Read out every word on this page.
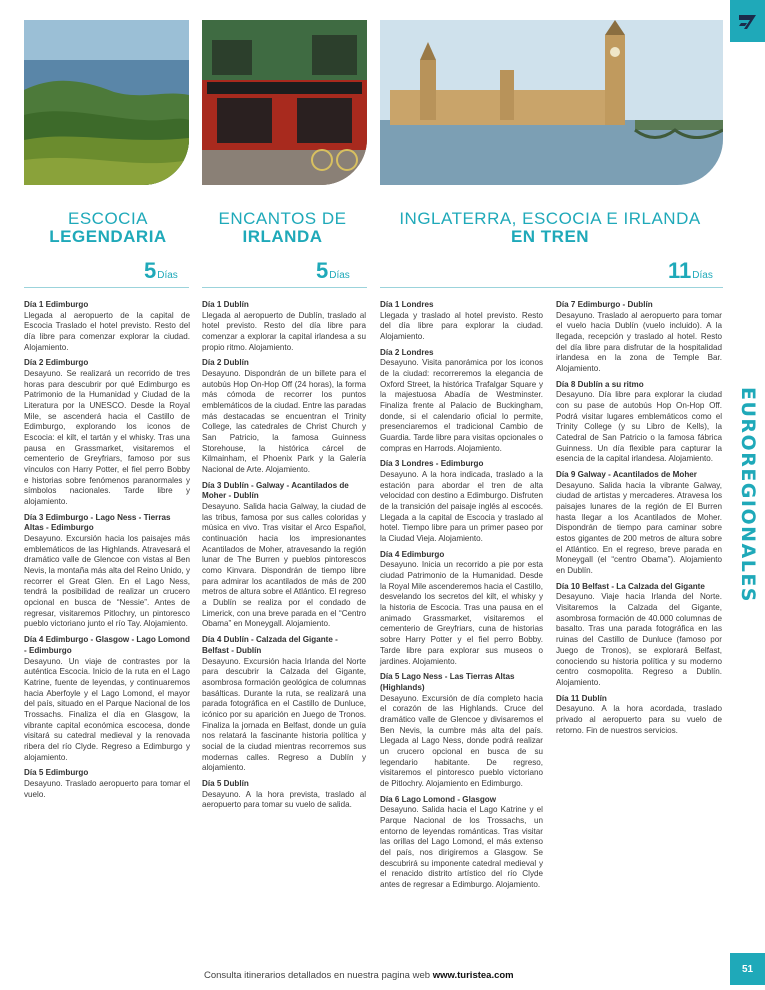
ESCOCIA
LEGENDARIA
ENCANTOS DE
IRLANDA
INGLATERRA, ESCOCIA E IRLANDA
EN TREN
5 Días	5 Días	11 Días
Día 1 Edimburgo
Llegada al aeropuerto de la capital de Escocia Traslado el hotel previsto. Resto del día libre para comenzar explorar la ciudad. Alojamiento.
Día 2 Edimburgo
Desayuno. Se realizará un recorrido de tres horas para descubrir por qué Edimburgo es Patrimonio de la Humanidad y Ciudad de la Literatura por la UNESCO. Desde la Royal Mile, se ascenderá hacia el Castillo de Edimburgo, explorando los iconos de Escocia: el kilt, el tartán y el whisky. Tras una pausa en Grassmarket, visitaremos el cementerio de Greyfriars, famoso por sus vínculos con Harry Potter, el fiel perro Bobby e historias sobre fenómenos paranormales y símbolos nacionales. Tarde libre y alojamiento.
Día 3 Edimburgo - Lago Ness - Tierras Altas - Edimburgo
Desayuno. Excursión hacia los paisajes más emblemáticos de las Highlands. Atravesará el dramático valle de Glencoe con vistas al Ben Nevis, la montaña más alta del Reino Unido, y recorrer el Great Glen. En el Lago Ness, tendrá la posibilidad de realizar un crucero opcional en busca de “Nessie”. Antes de regresar, visitaremos Pitlochry, un pintoresco pueblo victoriano junto el río Tay. Alojamiento.
Día 4 Edimburgo - Glasgow - Lago Lomond - Edimburgo
Desayuno. Un viaje de contrastes por la auténtica Escocia. Inicio de la ruta en el Lago Katrine, fuente de leyendas, y continuaremos hacia Aberfoyle y el Lago Lomond, el mayor del país, situado en el Parque Nacional de los Trossachs. Finaliza el día en Glasgow, la vibrante capital económica escocesa, donde visitará su catedral medieval y la renovada ribera del río Clyde. Regreso a Edimburgo y alojamiento.
Día 5 Edimburgo
Desayuno. Traslado aeropuerto para tomar el vuelo.
Día 1 Dublín
Llegada al aeropuerto de Dublín, traslado al hotel previsto. Resto del día libre para comenzar a explorar la capital irlandesa a su propio ritmo. Alojamiento.
Día 2 Dublín
Desayuno. Dispondrán de un billete para el autobús Hop On-Hop Off (24 horas), la forma más cómoda de recorrer los puntos emblemáticos de la ciudad. Entre las paradas más destacadas se encuentran el Trinity College, las catedrales de Christ Church y San Patricio, la famosa Guinness Storehouse, la histórica cárcel de Kilmainham, el Phoenix Park y la Galería Nacional de Arte. Alojamiento.
Día 3 Dublín - Galway - Acantilados de Moher - Dublín
Desayuno. Salida hacia Galway, la ciudad de las tribus, famosa por sus calles coloridas y música en vivo. Tras visitar el Arco Español, continuación hacia los impresionantes Acantilados de Moher, atravesando la región lunar de The Burren y pueblos pintorescos como Kinvara. Dispondrán de tiempo libre para admirar los acantilados de más de 200 metros de altura sobre el Atlántico. El regreso a Dublín se realiza por el condado de Limerick, con una breve parada en el “Centro Obama” en Moneygall. Alojamiento.
Día 4 Dublín - Calzada del Gigante - Belfast - Dublín
Desayuno. Excursión hacia Irlanda del Norte para descubrir la Calzada del Gigante, asombrosa formación geológica de columnas basálticas. Durante la ruta, se realizará una parada fotográfica en el Castillo de Dunluce, icónico por su aparición en Juego de Tronos. Finaliza la jornada en Belfast, donde un guía nos relatará la fascinante historia política y social de la ciudad mientras recorremos sus modernas calles. Regreso a Dublín y alojamiento.
Día 5 Dublín
Desayuno. A la hora prevista, traslado al aeropuerto para tomar su vuelo de salida.
Día 1 Londres
Llegada y traslado al hotel previsto. Resto del día libre para explorar la ciudad. Alojamiento.
Día 2 Londres
Desayuno. Visita panorámica por los iconos de la ciudad: recorreremos la elegancia de Oxford Street, la histórica Trafalgar Square y la majestuosa Abadía de Westminster. Finaliza frente al Palacio de Buckingham, donde, si el calendario oficial lo permite, presenciaremos el tradicional Cambio de Guardia. Tarde libre para visitas opcionales o compras en Harrods. Alojamiento.
Día 3 Londres - Edimburgo
Desayuno. A la hora indicada, traslado a la estación para abordar el tren de alta velocidad con destino a Edimburgo. Disfruten de la transición del paisaje inglés al escocés. Llegada a la capital de Escocia y traslado al hotel. Tiempo libre para un primer paseo por la Ciudad Vieja. Alojamiento.
Día 4 Edimburgo
Desayuno. Inicia un recorrido a pie por esta ciudad Patrimonio de la Humanidad. Desde la Royal Mile ascenderemos hacia el Castillo, desvelando los secretos del kilt, el whisky y la historia de Escocia. Tras una pausa en el animado Grassmarket, visitaremos el cementerio de Greyfriars, cuna de historias sobre Harry Potter y el fiel perro Bobby. Tarde libre para explorar sus museos o jardines. Alojamiento.
Día 5 Lago Ness - Las Tierras Altas (Highlands)
Desayuno. Excursión de día completo hacia el corazón de las Highlands. Cruce del dramático valle de Glencoe y divisaremos el Ben Nevis, la cumbre más alta del país. Llegada al Lago Ness, donde podrá realizar un crucero opcional en busca de su legendario habitante. De regreso, visitaremos el pintoresco pueblo victoriano de Pitlochry. Alojamiento en Edimburgo.
Día 6 Lago Lomond - Glasgow
Desayuno. Salida hacia el Lago Katrine y el Parque Nacional de los Trossachs, un entorno de leyendas románticas. Tras visitar las orillas del Lago Lomond, el más extenso del país, nos dirigiremos a Glasgow. Se descubrirá su imponente catedral medieval y el renacido distrito artístico del río Clyde antes de regresar a Edimburgo. Alojamiento.
Día 7 Edimburgo - Dublín
Desayuno. Traslado al aeropuerto para tomar el vuelo hacia Dublín (vuelo incluido). A la llegada, recepción y traslado al hotel. Resto del día libre para disfrutar de la hospitalidad irlandesa en la zona de Temple Bar. Alojamiento.
Día 8 Dublín a su ritmo
Desayuno. Día libre para explorar la ciudad con su pase de autobús Hop On-Hop Off. Podrá visitar lugares emblemáticos como el Trinity College (y su Libro de Kells), la Catedral de San Patricio o la famosa fábrica Guinness. Un día flexible para capturar la esencia de la capital irlandesa. Alojamiento.
Día 9 Galway - Acantilados de Moher
Desayuno. Salida hacia la vibrante Galway, ciudad de artistas y mercaderes. Atravesa los paisajes lunares de la región de El Burren hasta llegar a los Acantilados de Moher. Dispondrán de tiempo para caminar sobre estos gigantes de 200 metros de altura sobre el Atlántico. En el regreso, breve parada en Moneygall (el “centro Obama”). Alojamiento en Dublín.
Día 10 Belfast - La Calzada del Gigante
Desayuno. Viaje hacia Irlanda del Norte. Visitaremos la Calzada del Gigante, asombrosa formación de 40.000 columnas de basalto. Tras una parada fotográfica en las ruinas del Castillo de Dunluce (famoso por Juego de Tronos), se explorará Belfast, conociendo su historia política y su moderno centro cosmopolita. Regreso a Dublín. Alojamiento.
Día 11 Dublín
Desayuno. A la hora acordada, traslado privado al aeropuerto para su vuelo de retorno. Fin de nuestros servicios.
Consulta itinerarios detallados en nuestra pagina web www.turistea.com
EUROREGIONALES
51
